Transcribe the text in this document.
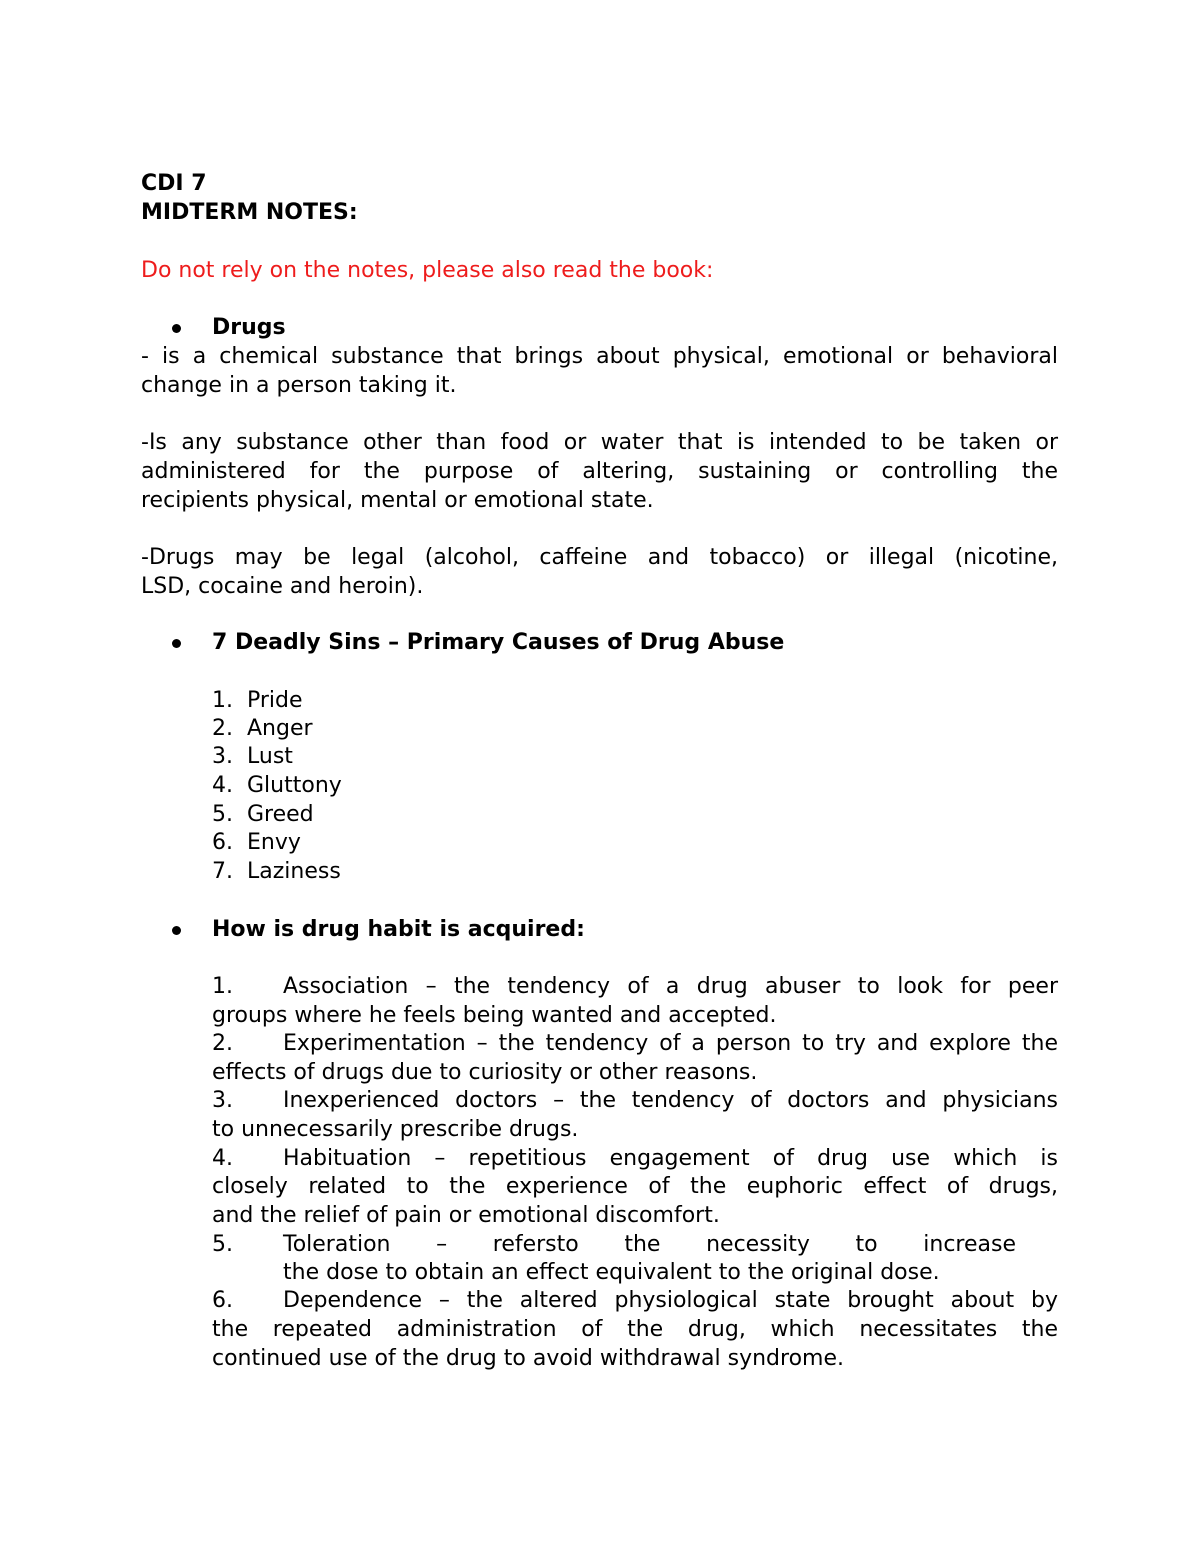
CDI 7
MIDTERM NOTES:
Do not rely on the notes, please also read the book:
Drugs
- is a chemical substance that brings about physical, emotional or behavioral
change in a person taking it.
-Is any substance other than food or water that is intended to be taken or
administered for the purpose of altering, sustaining or controlling the
recipients physical, mental or emotional state.
-Drugs may be legal (alcohol, caffeine and tobacco) or illegal (nicotine,
LSD, cocaine and heroin).
7 Deadly Sins – Primary Causes of Drug Abuse
1. Pride
2. Anger
3. Lust
4. Gluttony
5. Greed
6. Envy
7. Laziness
How is drug habit is acquired:
1. Association – the tendency of a drug abuser to look for peer
groups where he feels being wanted and accepted.
2. Experimentation – the tendency of a person to try and explore the
effects of drugs due to curiosity or other reasons.
3. Inexperienced doctors – the tendency of doctors and physicians
to unnecessarily prescribe drugs.
4. Habituation – repetitious engagement of drug use which is
closely related to the experience of the euphoric effect of drugs,
and the relief of pain or emotional discomfort.
5. Toleration – refersto the necessity to increase
the dose to obtain an effect equivalent to the original dose.
6. Dependence – the altered physiological state brought about by
the repeated administration of the drug, which necessitates the
continued use of the drug to avoid withdrawal syndrome.
